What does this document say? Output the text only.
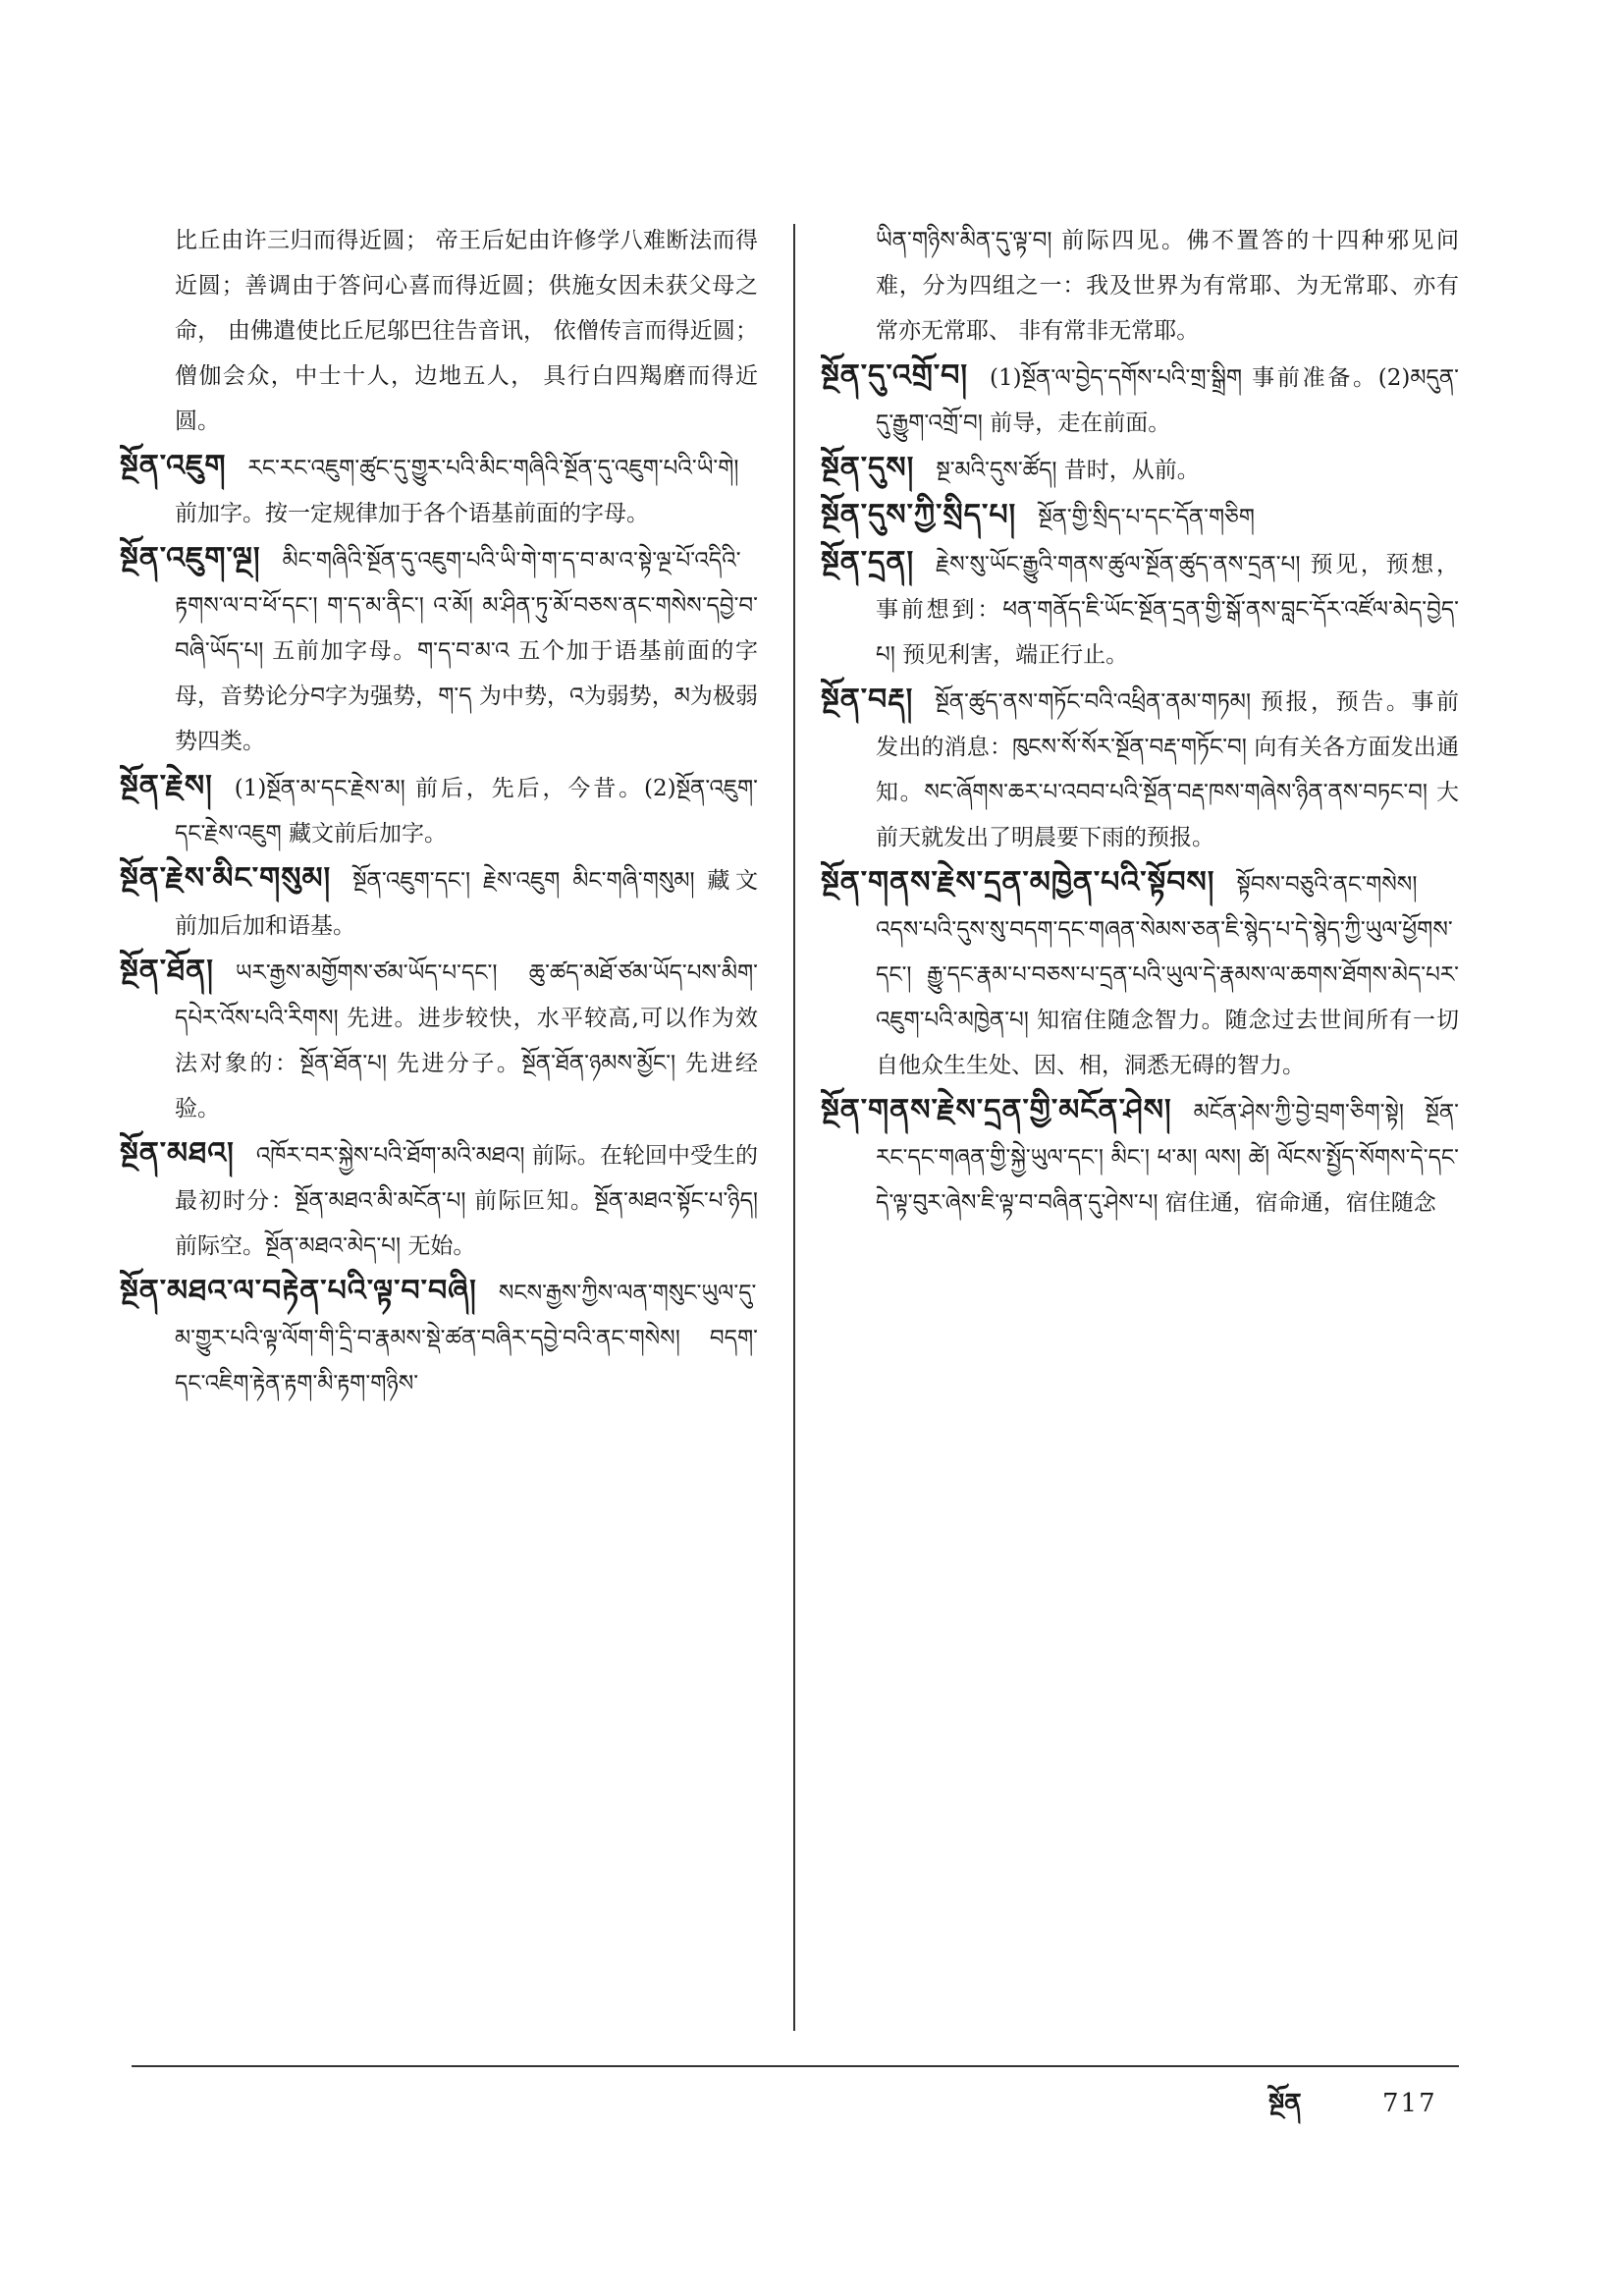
比丘由许三归而得近圆； 帝王后妃由许修学八难断法而得近圆；善调由于答问心喜而得近圆；供施女因未获父母之命， 由佛遣使比丘尼邬巴往告音讯， 依僧传言而得近圆；僧伽会众，中士十人，边地五人， 具行白四羯磨而得近圆。

སྔོན་འཇུག རང་རང་འཇུག་ཚུང་དུ་གྱུར་པའི་མིང་གཞིའི་སྔོན་དུ་འཇུག་པའི་ཡི་གེ། 前加字。按一定规律加于各个语基前面的字母。

སྔོན་འཇུག་ལྔ། མིང་གཞིའི་སྔོན་དུ་འཇུག་པའི་ཡི་གེ་ག་ད་བ་མ་འ་སྟེ་ལྔ་པོ་འདིའི་རྟགས་ལ་བ་ཕོ་དང་། ག་ད་མ་ནིང་། འ་མོ། མ་ཤིན་ཏུ་མོ་བཅས་ནང་གསེས་དབྱེ་བ་བཞི་ཡོད་པ། 五前加字母。ག་ད་བ་མ་འ 五个加于语基前面的字母，音势论分བ字为强势，ག་ད 为中势，འ为弱势，མ为极弱势四类。

སྔོན་རྗེས། (1)སྔོན་མ་དང་རྗེས་མ། 前后，先后，今昔。(2)སྔོན་འཇུག་དང་རྗེས་འཇུག 藏文前后加字。

སྔོན་རྗེས་མིང་གསུམ། སྔོན་འཇུག་དང་། རྗེས་འཇུག མིང་གཞི་གསུམ། 藏文前加后加和语基。

སྔོན་ཐོན། ཡར་རྒྱས་མགྱོགས་ཙམ་ཡོད་པ་དང་། ཆུ་ཚད་མཐོ་ཙམ་ཡོད་པས་མིག་དཔེར་འོས་པའི་རིགས། 先进。进步较快，水平较高,可以作为效法对象的：སྔོན་ཐོན་པ། 先进分子。སྔོན་ཐོན་ཉམས་མྱོང་། 先进经验。

སྔོན་མཐའ། འཁོར་བར་སྐྱེས་པའི་ཐོག་མའི་མཐའ། 前际。在轮回中受生的最初时分：སྔོན་མཐའ་མི་མངོན་པ། 前际叵知。སྔོན་མཐའ་སྟོང་པ་ཉིད། 前际空。སྔོན་མཐའ་མེད་པ། 无始。

སྔོན་མཐའ་ལ་བརྟེན་པའི་ལྟ་བ་བཞི། སངས་རྒྱས་ཀྱིས་ལན་གསུང་ཡུལ་དུ་མ་གྱུར་པའི་ལྟ་ལོག་གི་དྲི་བ་རྣམས་སྡེ་ཚན་བཞིར་དབྱེ་བའི་ནང་གསེས། བདག་དང་འཇིག་རྟེན་རྟག་མི་རྟག་གཉིས་

ཡིན་གཉིས་མིན་དུ་ལྟ་བ། 前际四见。佛不置答的十四种邪见问难，分为四组之一：我及世界为有常耶、为无常耶、亦有常亦无常耶、 非有常非无常耶。

སྔོན་དུ་འགྲོ་བ། (1)སྔོན་ལ་བྱེད་དགོས་པའི་གྲ་སྒྲིག 事前准备。(2)མདུན་དུ་རྒྱུག་འགྲོ་བ། 前导，走在前面。

སྔོན་དུས། སྔ་མའི་དུས་ཚོད། 昔时，从前。

སྔོན་དུས་ཀྱི་སྲིད་པ། སྔོན་གྱི་སྲིད་པ་དང་དོན་གཅིག

སྔོན་དྲན། རྗེས་སུ་ཡོང་རྒྱུའི་གནས་ཚུལ་སྔོན་ཚུད་ནས་དྲན་པ། 预见，预想，事前想到：ཕན་གནོད་ཇི་ཡོང་སྔོན་དྲན་གྱི་སྒོ་ནས་བླང་དོར་འཛོལ་མེད་བྱེད་པ། 预见利害，端正行止。

སྔོན་བརྡ། སྔོན་ཚུད་ནས་གཏོང་བའི་འཕྲིན་ནམ་གཏམ། 预报，预告。事前发出的消息：ཁུངས་སོ་སོར་སྔོན་བརྡ་གཏོང་བ། 向有关各方面发出通知。སང་ཞོགས་ཆར་པ་འབབ་པའི་སྔོན་བརྡ་ཁས་གཞེས་ཉིན་ནས་བཏང་བ། 大前天就发出了明晨要下雨的预报。

སྔོན་གནས་རྗེས་དྲན་མཁྱེན་པའི་སྟོབས། སྟོབས་བཅུའི་ནང་གསེས། འདས་པའི་དུས་སུ་བདག་དང་གཞན་སེམས་ཅན་ཇི་སྙེད་པ་དེ་སྙེད་ཀྱི་ཡུལ་ཕྱོགས་དང་། རྒྱུ་དང་རྣམ་པ་བཅས་པ་དྲན་པའི་ཡུལ་དེ་རྣམས་ལ་ཆགས་ཐོགས་མེད་པར་འཇུག་པའི་མཁྱེན་པ། 知宿住随念智力。随念过去世间所有一切自他众生生处、因、相，洞悉无碍的智力。

སྔོན་གནས་རྗེས་དྲན་གྱི་མངོན་ཤེས། མངོན་ཤེས་ཀྱི་བྱེ་བྲག་ཅིག་སྟེ། སྔོན་རང་དང་གཞན་གྱི་སྐྱེ་ཡུལ་དང་། མིང་། ཕ་མ། ལས། ཚེ། ལོངས་སྤྱོད་སོགས་དེ་དང་དེ་ལྟ་བུར་ཞེས་ཇི་ལྟ་བ་བཞིན་དུ་ཤེས་པ། 宿住通，宿命通，宿住随念

སྔོན	717
